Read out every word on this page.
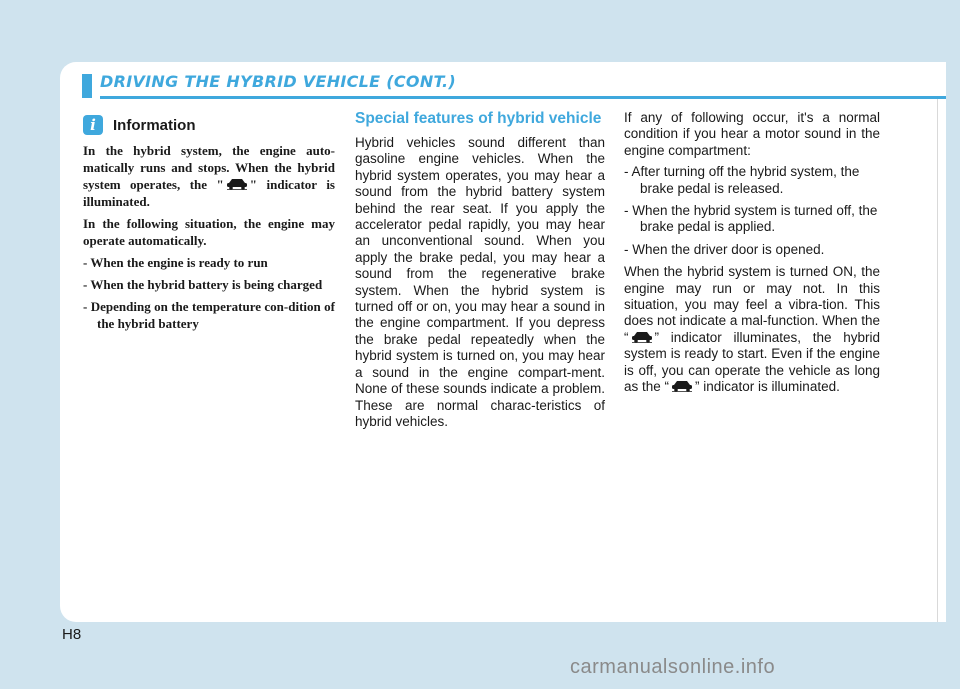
DRIVING THE HYBRID VEHICLE (CONT.)
i	Information

In the hybrid system, the engine auto-matically runs and stops. When the hybrid system operates, the " " indicator is illuminated.

In the following situation, the engine may operate automatically.

- When the engine is ready to run
- When the hybrid battery is being charged
- Depending on the temperature con-dition of the hybrid battery
Special features of hybrid vehicle

Hybrid vehicles sound different than gasoline engine vehicles. When the hybrid system operates, you may hear a sound from the hybrid battery system behind the rear seat. If you apply the accelerator pedal rapidly, you may hear an unconventional sound. When you apply the brake pedal, you may hear a sound from the regenerative brake system. When the hybrid system is turned off or on, you may hear a sound in the engine compartment. If you depress the brake pedal repeatedly when the hybrid system is turned on, you may hear a sound in the engine compart-ment. None of these sounds indicate a problem. These are normal charac-teristics of hybrid vehicles.

If any of following occur, it's a normal condition if you hear a motor sound in the engine compartment:

- After turning off the hybrid system, the brake pedal is released.
- When the hybrid system is turned off, the brake pedal is applied.
- When the driver door is opened.

When the hybrid system is turned ON, the engine may run or may not. In this situation, you may feel a vibra-tion. This does not indicate a mal-function. When the “ ” indicator illuminates, the hybrid system is ready to start. Even if the engine is off, you can operate the vehicle as long as the “ ” indicator is illuminated.

H8
carmanualsonline.info
